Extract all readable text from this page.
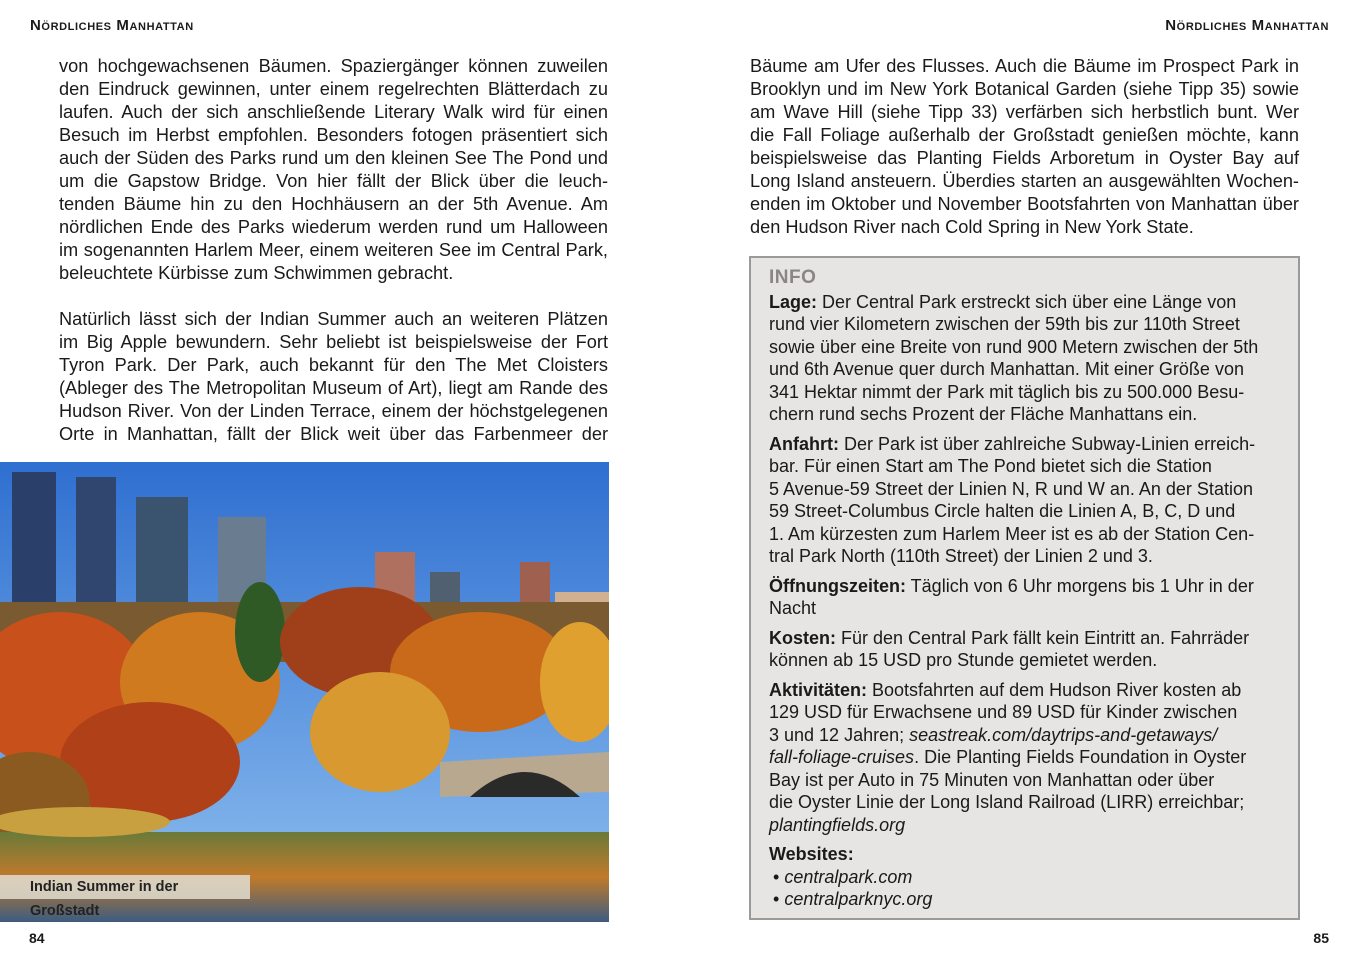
Nördliches Manhattan	Nördliches Manhattan
von hochgewachsenen Bäumen. Spaziergänger können zuweilen
den Eindruck gewinnen, unter einem regelrechten Blätterdach zu
laufen. Auch der sich anschließende Literary Walk wird für einen
Besuch im Herbst empfohlen. Besonders fotogen präsentiert sich
auch der Süden des Parks rund um den kleinen See The Pond und
um die Gapstow Bridge. Von hier fällt der Blick über die leuch-
tenden Bäume hin zu den Hochhäusern an der 5th Avenue. Am
nördlichen Ende des Parks wiederum werden rund um Halloween
im sogenannten Harlem Meer, einem weiteren See im Central Park,
beleuchtete Kürbisse zum Schwimmen gebracht.
Natürlich lässt sich der Indian Summer auch an weiteren Plätzen
im Big Apple bewundern. Sehr beliebt ist beispielsweise der Fort
Tyron Park. Der Park, auch bekannt für den The Met Cloisters
(Ableger des The Metropolitan Museum of Art), liegt am Rande des
Hudson River. Von der Linden Terrace, einem der höchstgelegenen
Orte in Manhattan, fällt der Blick weit über das Farbenmeer der
Bäume am Ufer des Flusses. Auch die Bäume im Prospect Park in
Brooklyn und im New York Botanical Garden (siehe Tipp 35) sowie
am Wave Hill (siehe Tipp 33) verfärben sich herbstlich bunt. Wer
die Fall Foliage außerhalb der Großstadt genießen möchte, kann
beispielsweise das Planting Fields Arboretum in Oyster Bay auf
Long Island ansteuern. Überdies starten an ausgewählten Wochen-
enden im Oktober und November Bootsfahrten von Manhattan über
den Hudson River nach Cold Spring in New York State.
Indian Summer in der Großstadt
INFO
Lage: Der Central Park erstreckt sich über eine Länge von
rund vier Kilometern zwischen der 59th bis zur 110th Street
sowie über eine Breite von rund 900 Metern zwischen der 5th
und 6th Avenue quer durch Manhattan. Mit einer Größe von
341 Hektar nimmt der Park mit täglich bis zu 500.000 Besu-
chern rund sechs Prozent der Fläche Manhattans ein.
Anfahrt: Der Park ist über zahlreiche Subway-Linien erreich-
bar. Für einen Start am The Pond bietet sich die Station
5 Avenue-59 Street der Linien N, R und W an. An der Station
59 Street-Columbus Circle halten die Linien A, B, C, D und
1. Am kürzesten zum Harlem Meer ist es ab der Station Cen-
tral Park North (110th Street) der Linien 2 und 3.
Öffnungszeiten: Täglich von 6 Uhr morgens bis 1 Uhr in der
Nacht
Kosten: Für den Central Park fällt kein Eintritt an. Fahrräder
können ab 15 USD pro Stunde gemietet werden.
Aktivitäten: Bootsfahrten auf dem Hudson River kosten ab
129 USD für Erwachsene und 89 USD für Kinder zwischen
3 und 12 Jahren; seastreak.com/daytrips-and-getaways/
fall-foliage-cruises. Die Planting Fields Foundation in Oyster
Bay ist per Auto in 75 Minuten von Manhattan oder über
die Oyster Linie der Long Island Railroad (LIRR) erreichbar;
plantingfields.org
Websites:
• centralpark.com
• centralparknyc.org
84	85
